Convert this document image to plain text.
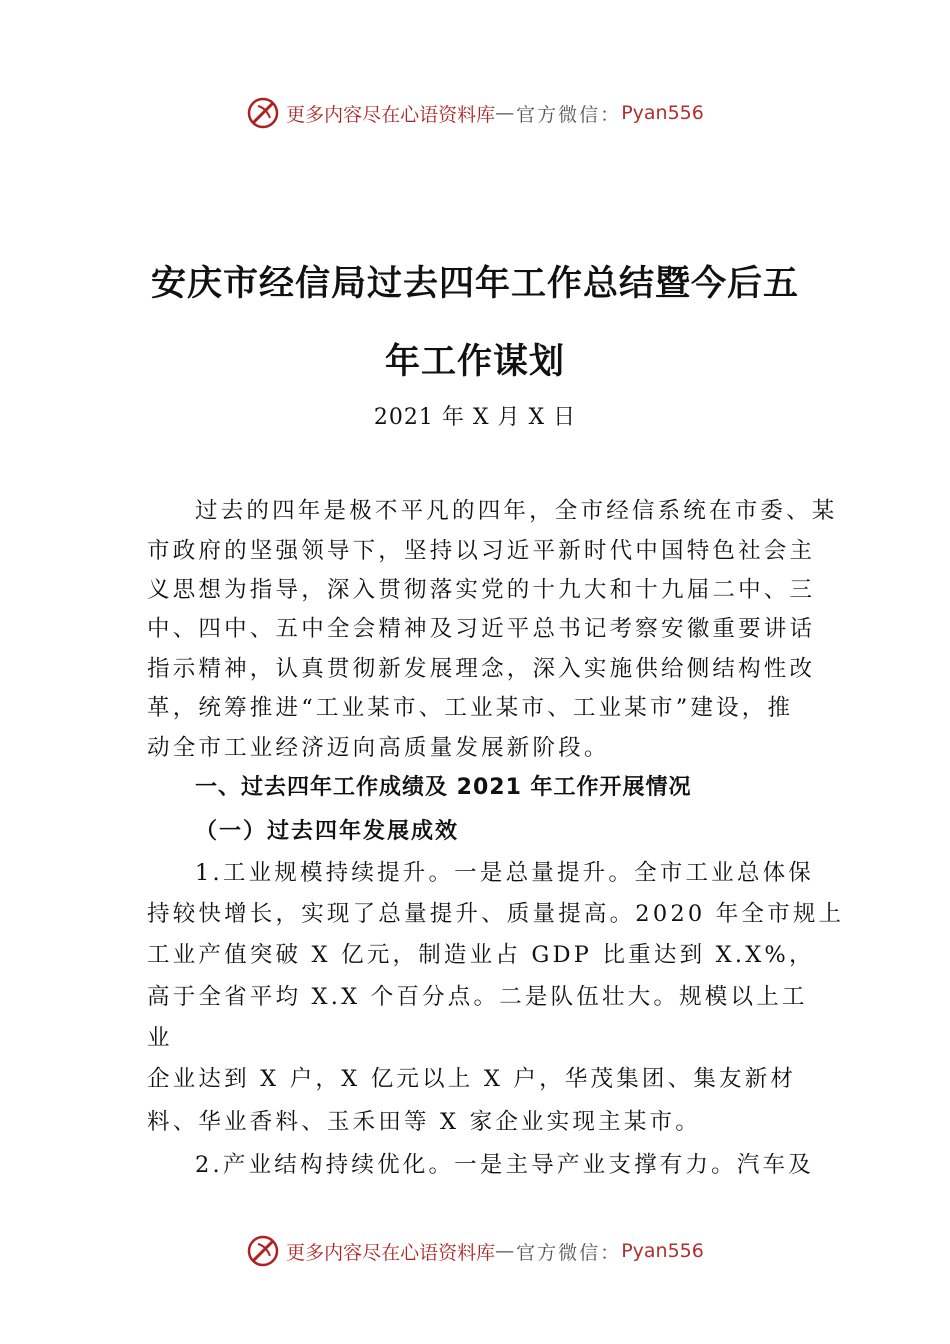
更多内容尽在心语资料库 — 官方微信： Pyan556
安庆市经信局过去四年工作总结暨今后五
年工作谋划
2021 年 X 月 X 日
过去的四年是极不平凡的四年，全市经信系统在市委、某
市政府的坚强领导下，坚持以习近平新时代中国特色社会主
义思想为指导，深入贯彻落实党的十九大和十九届二中、三
中、四中、五中全会精神及习近平总书记考察安徽重要讲话
指示精神，认真贯彻新发展理念，深入实施供给侧结构性改
革，统筹推进“工业某市、工业某市、工业某市”建设，推
动全市工业经济迈向高质量发展新阶段。
一、过去四年工作成绩及 2021 年工作开展情况
（一）过去四年发展成效
1.工业规模持续提升。一是总量提升。全市工业总体保
持较快增长，实现了总量提升、质量提高。2020 年全市规上
工业产值突破 X 亿元，制造业占 GDP 比重达到 X.X%，
高于全省平均 X.X 个百分点。二是队伍壮大。规模以上工
业
企业达到 X 户，X 亿元以上 X 户，华茂集团、集友新材
料、华业香料、玉禾田等 X 家企业实现主某市。
2.产业结构持续优化。一是主导产业支撑有力。汽车及
更多内容尽在心语资料库 — 官方微信： Pyan556
